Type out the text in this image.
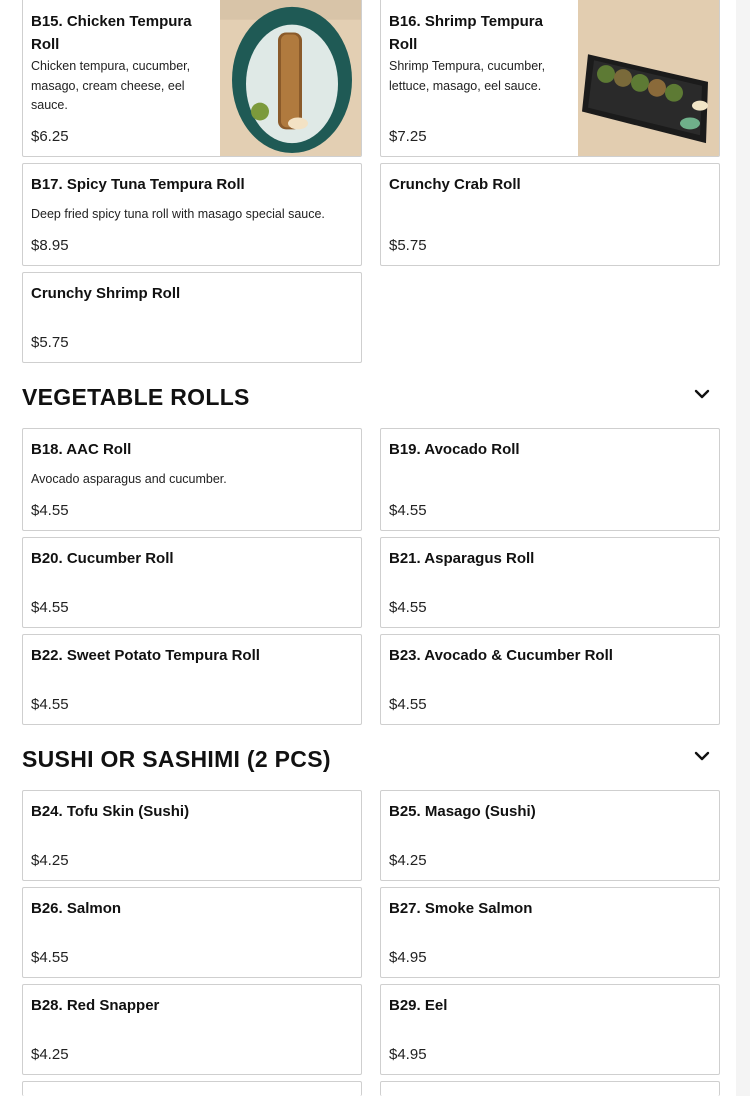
B15. Chicken Tempura Roll
Chicken tempura, cucumber, masago, cream cheese, eel sauce.
$6.25
B16. Shrimp Tempura Roll
Shrimp Tempura, cucumber, lettuce, masago, eel sauce.
$7.25
B17. Spicy Tuna Tempura Roll
Deep fried spicy tuna roll with masago special sauce.
$8.95
Crunchy Crab Roll
$5.75
Crunchy Shrimp Roll
$5.75
VEGETABLE ROLLS
B18. AAC Roll
Avocado asparagus and cucumber.
$4.55
B19. Avocado Roll
$4.55
B20. Cucumber Roll
$4.55
B21. Asparagus Roll
$4.55
B22. Sweet Potato Tempura Roll
$4.55
B23. Avocado & Cucumber Roll
$4.55
SUSHI OR SASHIMI (2 PCS)
B24. Tofu Skin (Sushi)
$4.25
B25. Masago (Sushi)
$4.25
B26. Salmon
$4.55
B27. Smoke Salmon
$4.95
B28. Red Snapper
$4.25
B29. Eel
$4.95
